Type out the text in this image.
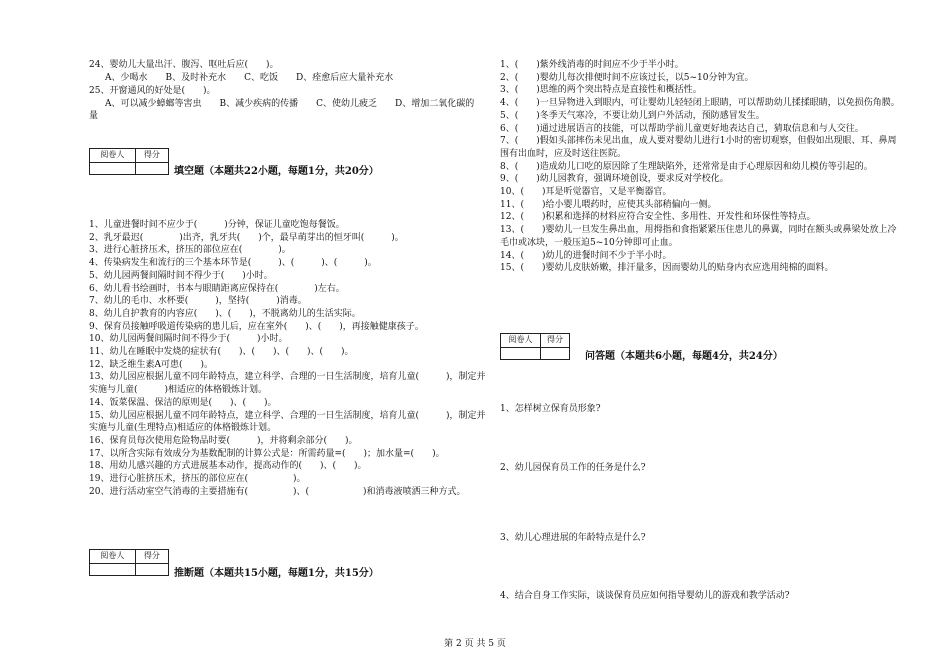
24、婴幼儿大量出汗、腹泻、呕吐后应(　　)。
A、少喝水　　B、及时补充水　　C、吃饭　　D、痊愈后应大量补充水
25、开窗通风的好处是(　　)。
A、可以减少蟑螂等害虫　　B、减少疾病的传播　　C、使幼儿疲乏　　D、增加二氧化碳的
量
阅卷人	得分

填空题（本题共22小题，每题1分，共20分）
1、儿童进餐时间不应少于(　　　)分钟，保证儿童吃饱每餐饭。
2、乳牙最迟(　　　　)出齐，乳牙共(　　)个，最早萌芽出的恒牙叫(　　　)。
3、进行心脏挤压术，挤压的部位应在(　　　　)。
4、传染病发生和流行的三个基本环节是(　　　)、(　　　)、(　　　)。
5、幼儿园两餐间隔时间不得少于(　　)小时。
6、幼儿看书绘画时，书本与眼睛距离应保持在(　　　　)左右。
7、幼儿的毛巾、水杯要(　　　)，坚持(　　　)消毒。
8、幼儿自护教育的内容应(　　)、(　　)，不脱离幼儿的生活实际。
9、保育员接触呼吸道传染病的患儿后，应在室外(　　)、(　　)，再接触健康孩子。
10、幼儿园两餐间隔时间不得少于(　　　)小时。
11、幼儿在睡眠中发烧的症状有(　　)、(　　)、(　　)、(　　)。
12、缺乏维生素A可患(　　)。
13、幼儿园应根据儿童不同年龄特点，建立科学、合理的一日生活制度，培育儿童(　　　)，制定并实施与儿童(　　　)相适应的体格锻炼计划。
14、饭菜保温、保洁的原则是(　　)、(　　)。
15、幼儿园应根据儿童不同年龄特点，建立科学、合理的一日生活制度，培育儿童(　　　)，制定并实施与儿童(生理特点)相适应的体格锻炼计划。
16、保育员每次使用危险物品时要(　　　)，并将剩余部分(　　)。
17、以所含实际有效成分为基数配制的计算公式是：所需药量=(　　)；加水量=(　　)。
18、用幼儿感兴趣的方式进展基本动作，提高动作的(　　)、(　　)。
19、进行心脏挤压术，挤压的部位应在(　　　　　)。
20、进行活动室空气消毒的主要措施有(　　　　　)、(　　　　　　)和消毒液喷洒三种方式。
阅卷人	得分

推断题（本题共15小题，每题1分，共15分）
1、(　　)紫外线消毒的时间应不少于半小时。
2、(　　)婴幼儿每次排便时间不应该过长，以5~10分钟为宜。
3、(　　)思维的两个突出特点是直接性和概括性。
4、(　　)一旦异物进入到眼内，可让婴幼儿轻轻闭上眼睛，可以帮助幼儿揉揉眼睛，以免损伤角膜。
5、(　　)冬季天气寒冷，不要让幼儿到户外活动，预防感冒发生。
6、(　　)通过进展语言的技能，可以帮助学前儿童更好地表达自己，猜取信息和与人交往。
7、(　　)假如头部摔伤未见出血，成人要对婴幼儿进行1小时的密切观察，但假如出现眼、耳、鼻周围有出血时，应及时送往医院。
8、(　　)造成幼儿口吃的原因除了生理缺陷外，还常常是由于心理原因和幼儿模仿等引起的。
9、(　　)幼儿园教育，强调环境创设，要求反对学校化。
10、(　　)耳是听觉器官，又是平衡器官。
11、(　　)给小婴儿喂药时，应使其头部稍偏向一侧。
12、(　　)积累和选择的材料应符合安全性、多用性、开发性和环保性等特点。
13、(　　)婴幼儿一旦发生鼻出血，用拇指和食指紧紧压住患儿的鼻翼，同时在额头或鼻梁处放上冷毛巾或冰块，一般压迫5~10分钟即可止血。
14、(　　)幼儿的进餐时间不少于半小时。
15、(　　)婴幼儿皮肤娇嫩，排汗量多，因而婴幼儿的贴身内衣应选用纯棉的面料。
阅卷人	得分

问答题（本题共6小题，每题4分，共24分）
1、怎样树立保育员形象?
2、幼儿园保育员工作的任务是什么?
3、幼儿心理进展的年龄特点是什么?
4、结合自身工作实际，谈谈保育员应如何指导婴幼儿的游戏和教学活动?
第 2 页 共 5 页
